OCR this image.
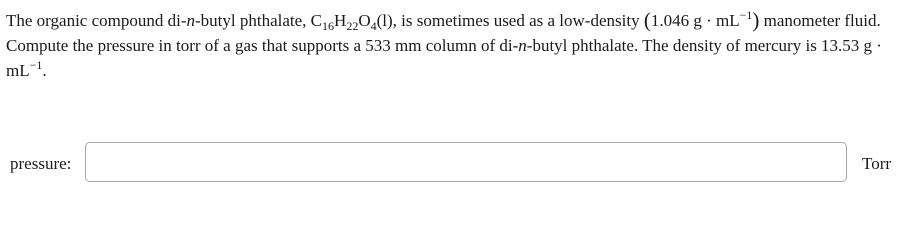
The organic compound di-n-butyl phthalate, $C_{16}H_{22}O_4(l)$, is sometimes used as a low-density (1.046 $g \cdot mL^{-1}$) manometer fluid. Compute the pressure in torr of a gas that supports a 533 mm column of di-n-butyl phthalate. The density of mercury is 13.53 $g \cdot mL^{-1}$.

pressure:	Torr
